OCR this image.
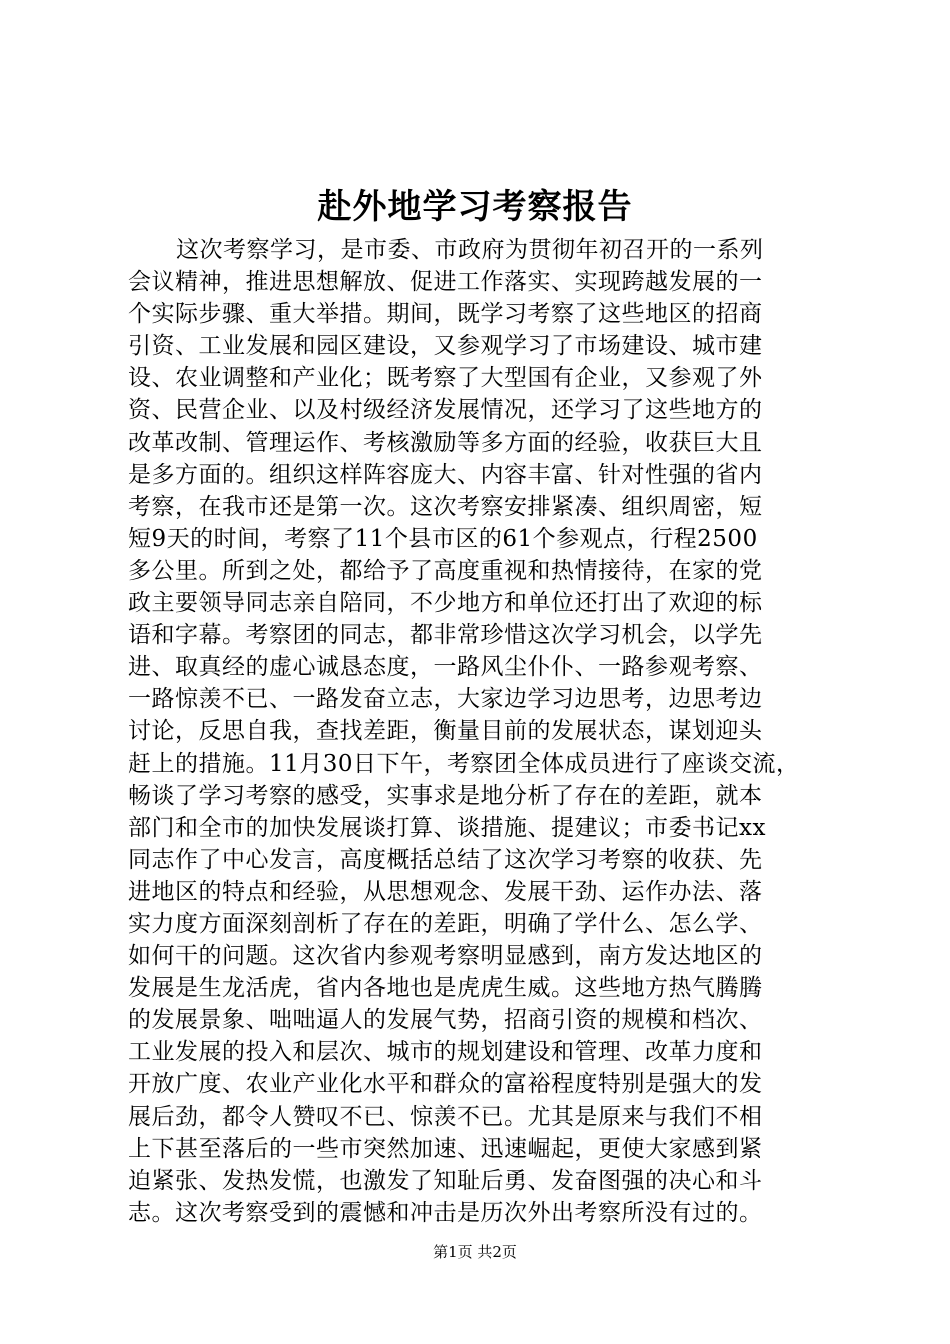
赴外地学习考察报告
这次考察学习，是市委、市政府为贯彻年初召开的一系列
会议精神，推进思想解放、促进工作落实、实现跨越发展的一
个实际步骤、重大举措。期间，既学习考察了这些地区的招商
引资、工业发展和园区建设，又参观学习了市场建设、城市建
设、农业调整和产业化；既考察了大型国有企业，又参观了外
资、民营企业、以及村级经济发展情况，还学习了这些地方的
改革改制、管理运作、考核激励等多方面的经验，收获巨大且
是多方面的。组织这样阵容庞大、内容丰富、针对性强的省内
考察，在我市还是第一次。这次考察安排紧凑、组织周密，短
短9天的时间，考察了11个县市区的61个参观点，行程2500
多公里。所到之处，都给予了高度重视和热情接待，在家的党
政主要领导同志亲自陪同，不少地方和单位还打出了欢迎的标
语和字幕。考察团的同志，都非常珍惜这次学习机会，以学先
进、取真经的虚心诚恳态度，一路风尘仆仆、一路参观考察、
一路惊羡不已、一路发奋立志，大家边学习边思考，边思考边
讨论，反思自我，查找差距，衡量目前的发展状态，谋划迎头
赶上的措施。11月30日下午，考察团全体成员进行了座谈交流，
畅谈了学习考察的感受，实事求是地分析了存在的差距，就本
部门和全市的加快发展谈打算、谈措施、提建议；市委书记xx
同志作了中心发言，高度概括总结了这次学习考察的收获、先
进地区的特点和经验，从思想观念、发展干劲、运作办法、落
实力度方面深刻剖析了存在的差距，明确了学什么、怎么学、
如何干的问题。这次省内参观考察明显感到，南方发达地区的
发展是生龙活虎，省内各地也是虎虎生威。这些地方热气腾腾
的发展景象、咄咄逼人的发展气势，招商引资的规模和档次、
工业发展的投入和层次、城市的规划建设和管理、改革力度和
开放广度、农业产业化水平和群众的富裕程度特别是强大的发
展后劲，都令人赞叹不已、惊羡不已。尤其是原来与我们不相
上下甚至落后的一些市突然加速、迅速崛起，更使大家感到紧
迫紧张、发热发慌，也激发了知耻后勇、发奋图强的决心和斗
志。这次考察受到的震憾和冲击是历次外出考察所没有过的。
第1页 共2页
